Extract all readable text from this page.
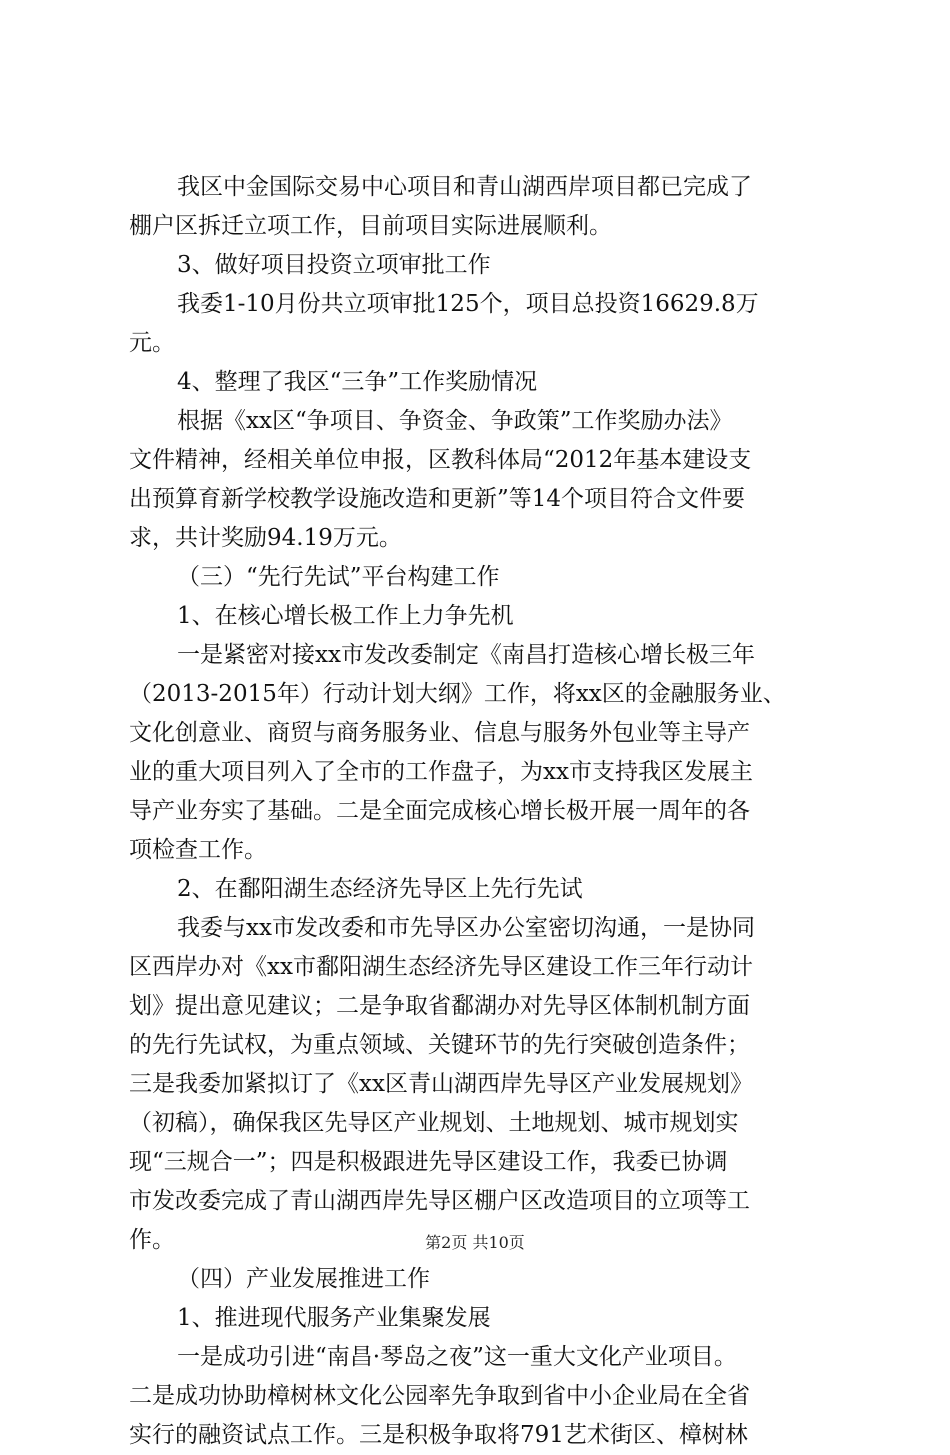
我区中金国际交易中心项目和青山湖西岸项目都已完成了
棚户区拆迁立项工作，目前项目实际进展顺利。
3、做好项目投资立项审批工作
我委1-10月份共立项审批125个，项目总投资16629.8万
元。
4、整理了我区“三争”工作奖励情况
根据《xx区“争项目、争资金、争政策”工作奖励办法》
文件精神，经相关单位申报，区教科体局“2012年基本建设支
出预算育新学校教学设施改造和更新”等14个项目符合文件要
求，共计奖励94.19万元。
（三）“先行先试”平台构建工作
1、在核心增长极工作上力争先机
一是紧密对接xx市发改委制定《南昌打造核心增长极三年
（2013-2015年）行动计划大纲》工作，将xx区的金融服务业、
文化创意业、商贸与商务服务业、信息与服务外包业等主导产
业的重大项目列入了全市的工作盘子，为xx市支持我区发展主
导产业夯实了基础。二是全面完成核心增长极开展一周年的各
项检查工作。
2、在鄱阳湖生态经济先导区上先行先试
我委与xx市发改委和市先导区办公室密切沟通，一是协同
区西岸办对《xx市鄱阳湖生态经济先导区建设工作三年行动计
划》提出意见建议；二是争取省鄱湖办对先导区体制机制方面
的先行先试权，为重点领域、关键环节的先行突破创造条件；
三是我委加紧拟订了《xx区青山湖西岸先导区产业发展规划》
（初稿），确保我区先导区产业规划、土地规划、城市规划实
现“三规合一”；四是积极跟进先导区建设工作，我委已协调
市发改委完成了青山湖西岸先导区棚户区改造项目的立项等工
作。
（四）产业发展推进工作
1、推进现代服务产业集聚发展
一是成功引进“南昌·琴岛之夜”这一重大文化产业项目。
二是成功协助樟树林文化公园率先争取到省中小企业局在全省
实行的融资试点工作。三是积极争取将791艺术街区、樟树林
第2页 共10页
